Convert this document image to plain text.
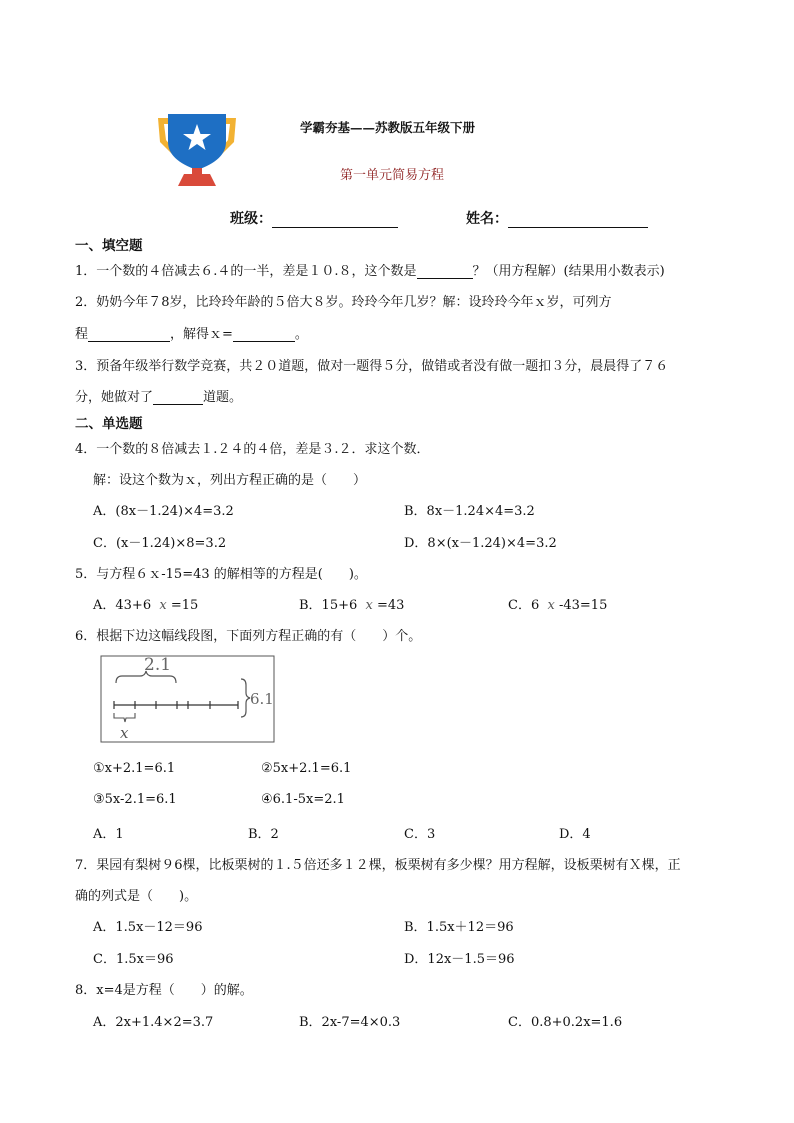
学霸夯基——苏教版五年级下册
第一单元简易方程
班级：	姓名：
一、填空题
1．一个数的４倍减去６.４的一半，差是１０.８，这个数是	？（用方程解）(结果用小数表示)
2．奶奶今年７8岁，比玲玲年龄的５倍大８岁。玲玲今年几岁？解：设玲玲今年ｘ岁，可列方
程	，解得ｘ=	。
3．预备年级举行数学竞赛，共２０道题，做对一题得５分，做错或者没有做一题扣３分，晨晨得了７６
分，她做对了	道题。
二、单选题
4．一个数的８倍减去１.２４的４倍，差是３.２．求这个数．
解：设这个数为ｘ，列出方程正确的是（　　）
A．(8x－1.24)×4=3.2	B．8x－1.24×4=3.2
C．(x－1.24)×8=3.2	D．8×(x－1.24)×4=3.2
5．与方程６ｘ-15=43 的解相等的方程是(　　)。
A．43+6 x =15	B．15+6 x =43	C．6 x -43=15
6．根据下边这幅线段图，下面列方程正确的有（　　）个。
2.1
x
6.1
①x+2.1=6.1	②5x+2.1=6.1
③5x-2.1=6.1	④6.1-5x=2.1
A．1	B．2	C．3	D．4
7．果园有梨树９6棵，比板栗树的１.５倍还多１２棵，板栗树有多少棵？用方程解，设板栗树有Ｘ棵，正
确的列式是（　　)。
A．1.5x－12＝96	B．1.5x＋12＝96
C．1.5x＝96	D．12x－1.5＝96
8．x=4是方程（　　）的解。
A．2x+1.4×2=3.7	B．2x-7=4×0.3	C．0.8+0.2x=1.6
